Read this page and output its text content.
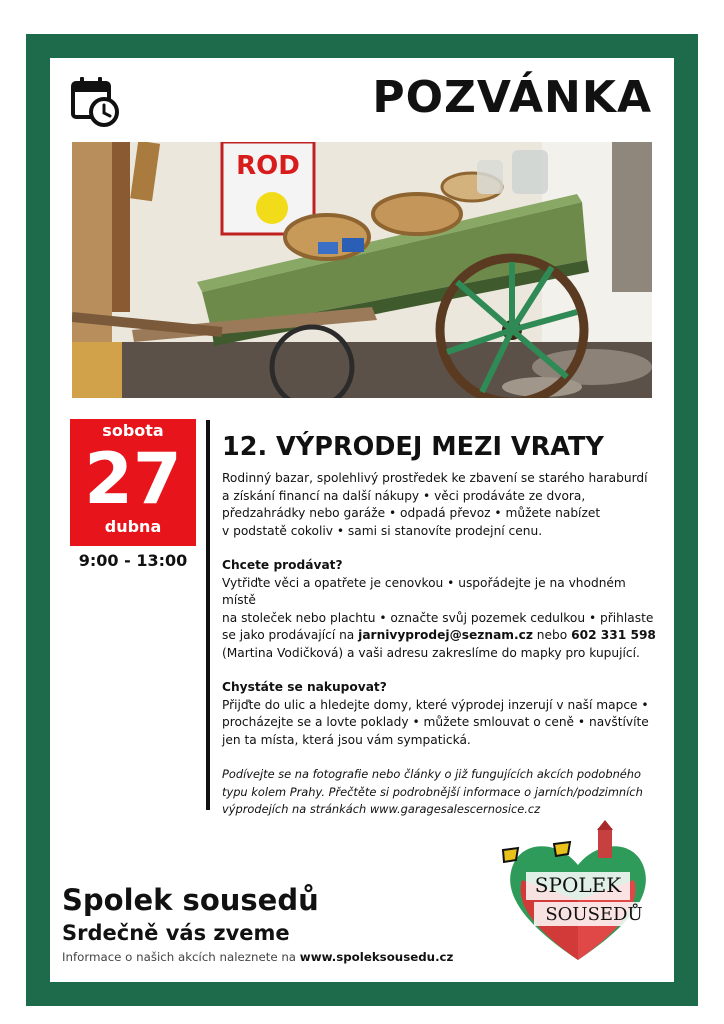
POZVÁNKA
ROD
sobota
27
dubna
9:00 - 13:00
12. VÝPRODEJ MEZI VRATY

Rodinný bazar, spolehlivý prostředek ke zbavení se starého haraburdí

a získání financí na další nákupy • věci prodáváte ze dvora,

předzahrádky nebo garáže • odpadá převoz • můžete nabízet

v podstatě cokoliv • sami si stanovíte prodejní cenu.

Chcete prodávat?

Vytřiďte věci a opatřete je cenovkou • uspořádejte je na vhodném místě

na stoleček nebo plachtu • označte svůj pozemek cedulkou • přihlaste

se jako prodávající na jarnivyprodej@seznam.cz nebo 602 331 598

(Martina Vodičková) a vaši adresu zakreslíme do mapky pro kupující.

Chystáte se nakupovat?

Přijďte do ulic a hledejte domy, které výprodej inzerují v naší mapce •

procházejte se a lovte poklady • můžete smlouvat o ceně • navštívíte

jen ta místa, která jsou vám sympatická.

Podívejte se na fotografie nebo články o již fungujících akcích podobného

typu kolem Prahy. Přečtěte si podrobnější informace o jarních/podzimních

výprodejích na stránkách www.garagesalescernosice.cz

SPOLEK
SOUSEDŮ
Spolek sousedů
Srdečně vás zveme
Informace o našich akcích naleznete na www.spoleksousedu.cz
